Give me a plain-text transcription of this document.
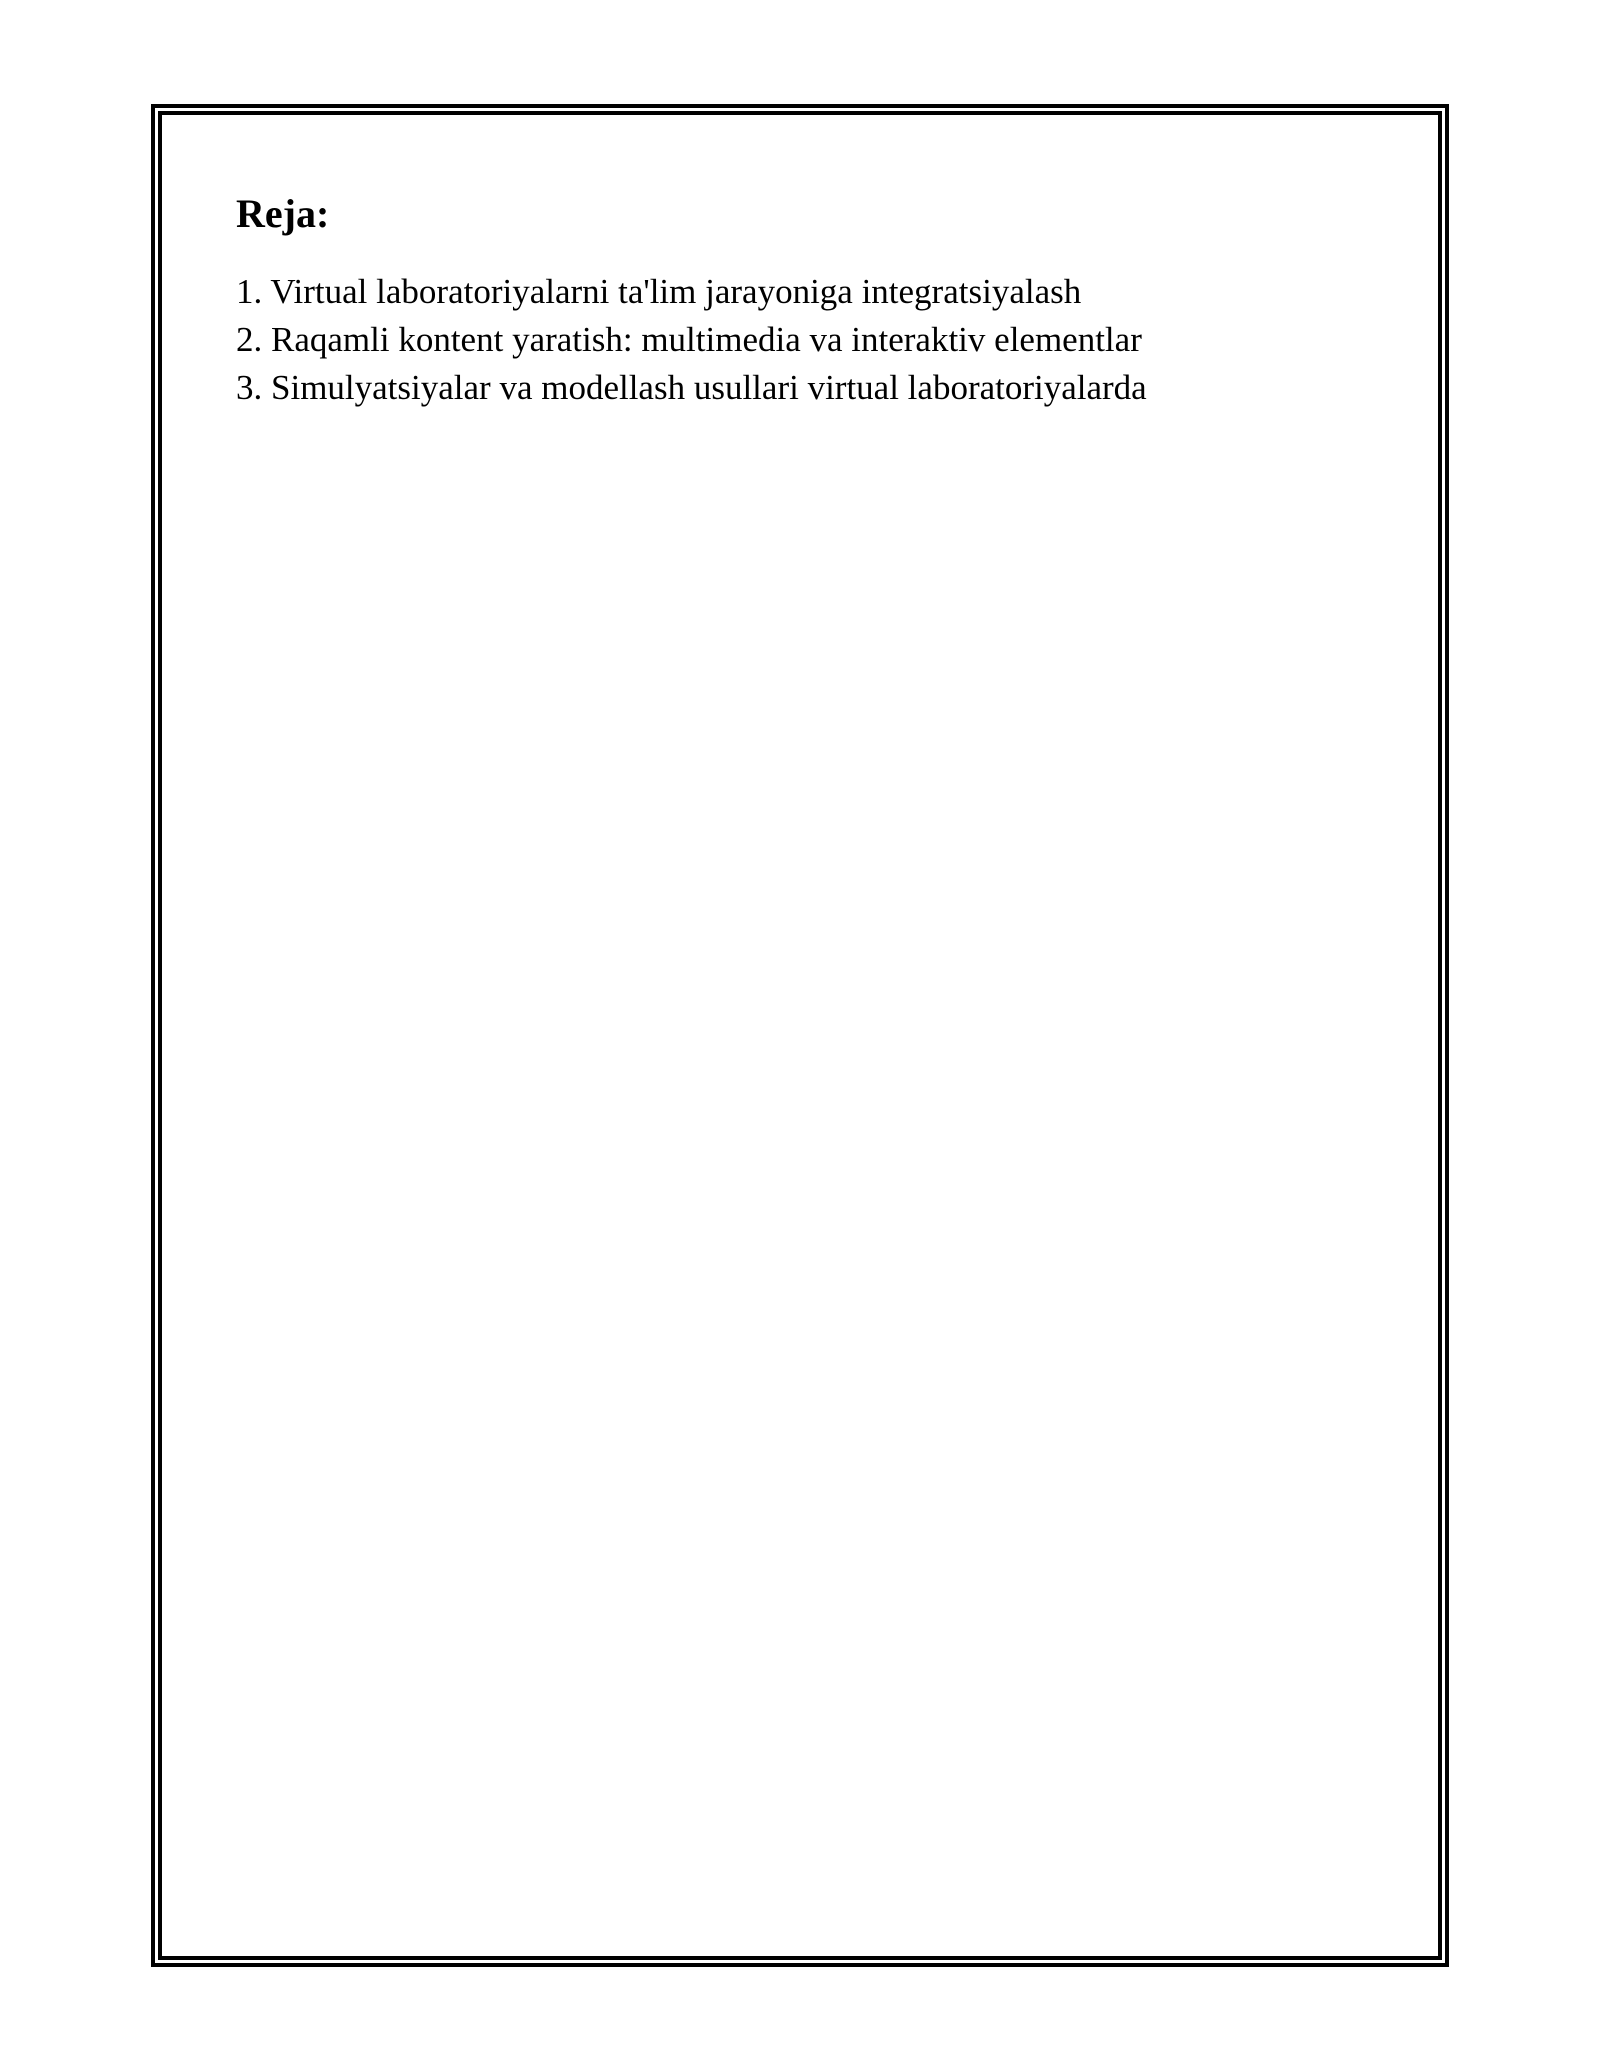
Reja:
1. Virtual laboratoriyalarni ta'lim jarayoniga integratsiyalash
2. Raqamli kontent yaratish: multimedia va interaktiv elementlar
3. Simulyatsiyalar va modellash usullari virtual laboratoriyalarda
